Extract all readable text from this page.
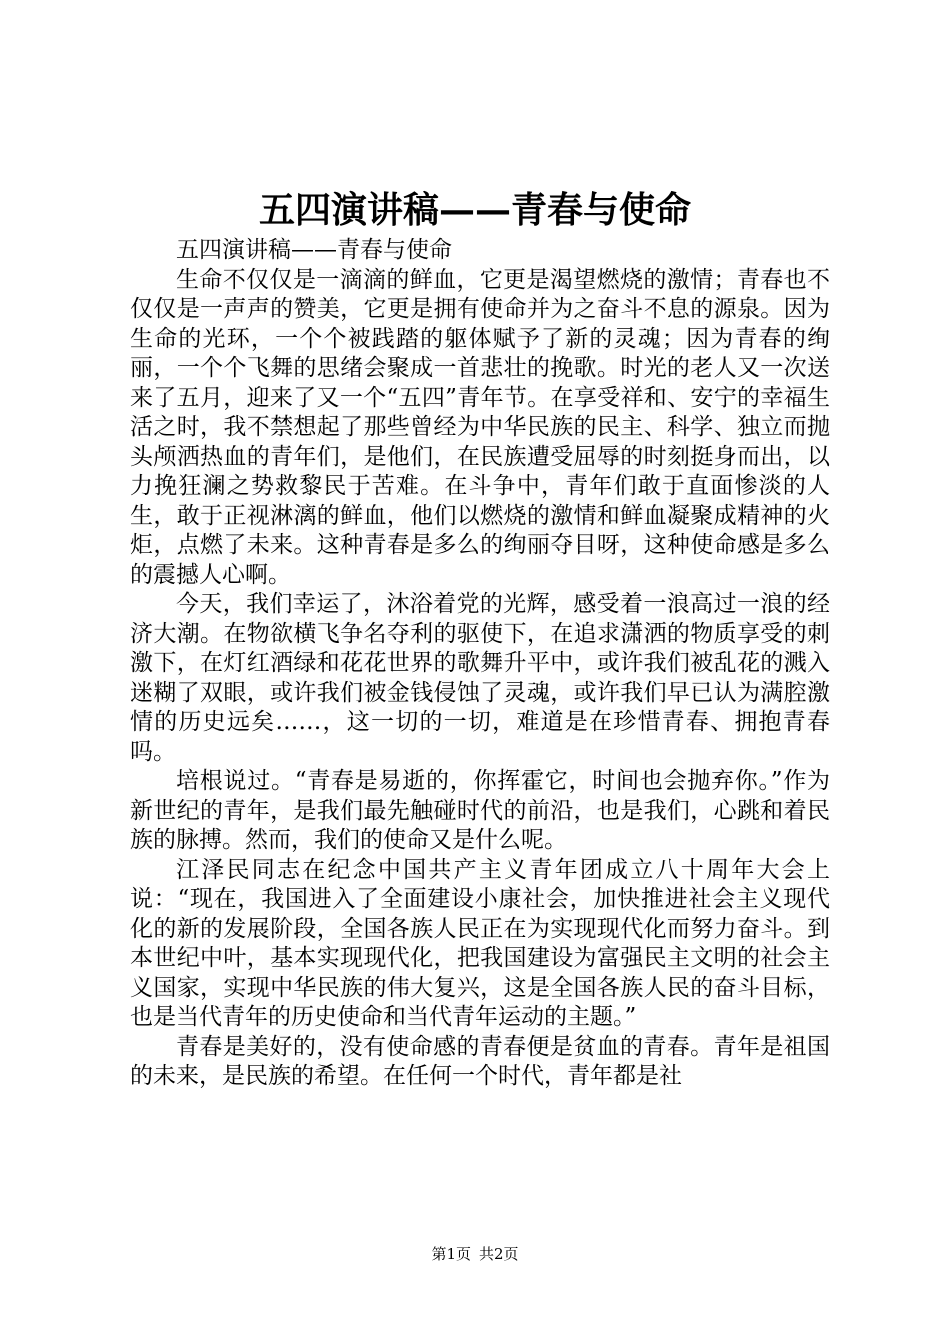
五四演讲稿——青春与使命

五四演讲稿——青春与使命

生命不仅仅是一滴滴的鲜血，它更是渴望燃烧的激情；青春也不仅仅是一声声的赞美，它更是拥有使命并为之奋斗不息的源泉。因为生命的光环，一个个被践踏的躯体赋予了新的灵魂；因为青春的绚丽，一个个飞舞的思绪会聚成一首悲壮的挽歌。时光的老人又一次送来了五月，迎来了又一个“五四”青年节。在享受祥和、安宁的幸福生活之时，我不禁想起了那些曾经为中华民族的民主、科学、独立而抛头颅洒热血的青年们，是他们，在民族遭受屈辱的时刻挺身而出，以力挽狂澜之势救黎民于苦难。在斗争中，青年们敢于直面惨淡的人生，敢于正视淋漓的鲜血，他们以燃烧的激情和鲜血凝聚成精神的火炬，点燃了未来。这种青春是多么的绚丽夺目呀，这种使命感是多么的震撼人心啊。

今天，我们幸运了，沐浴着党的光辉，感受着一浪高过一浪的经济大潮。在物欲横飞争名夺利的驱使下，在追求潇洒的物质享受的刺激下，在灯红酒绿和花花世界的歌舞升平中，或许我们被乱花的溅入迷糊了双眼，或许我们被金钱侵蚀了灵魂，或许我们早已认为满腔激情的历史远矣……，这一切的一切，难道是在珍惜青春、拥抱青春吗。

培根说过。“青春是易逝的，你挥霍它，时间也会抛弃你。”作为新世纪的青年，是我们最先触碰时代的前沿，也是我们，心跳和着民族的脉搏。然而，我们的使命又是什么呢。

江泽民同志在纪念中国共产主义青年团成立八十周年大会上说：“现在，我国进入了全面建设小康社会，加快推进社会主义现代化的新的发展阶段，全国各族人民正在为实现现代化而努力奋斗。到本世纪中叶，基本实现现代化，把我国建设为富强民主文明的社会主义国家，实现中华民族的伟大复兴，这是全国各族人民的奋斗目标，也是当代青年的历史使命和当代青年运动的主题。”

青春是美好的，没有使命感的青春便是贫血的青春。青年是祖国的未来，是民族的希望。在任何一个时代，青年都是社

第1页 共2页
